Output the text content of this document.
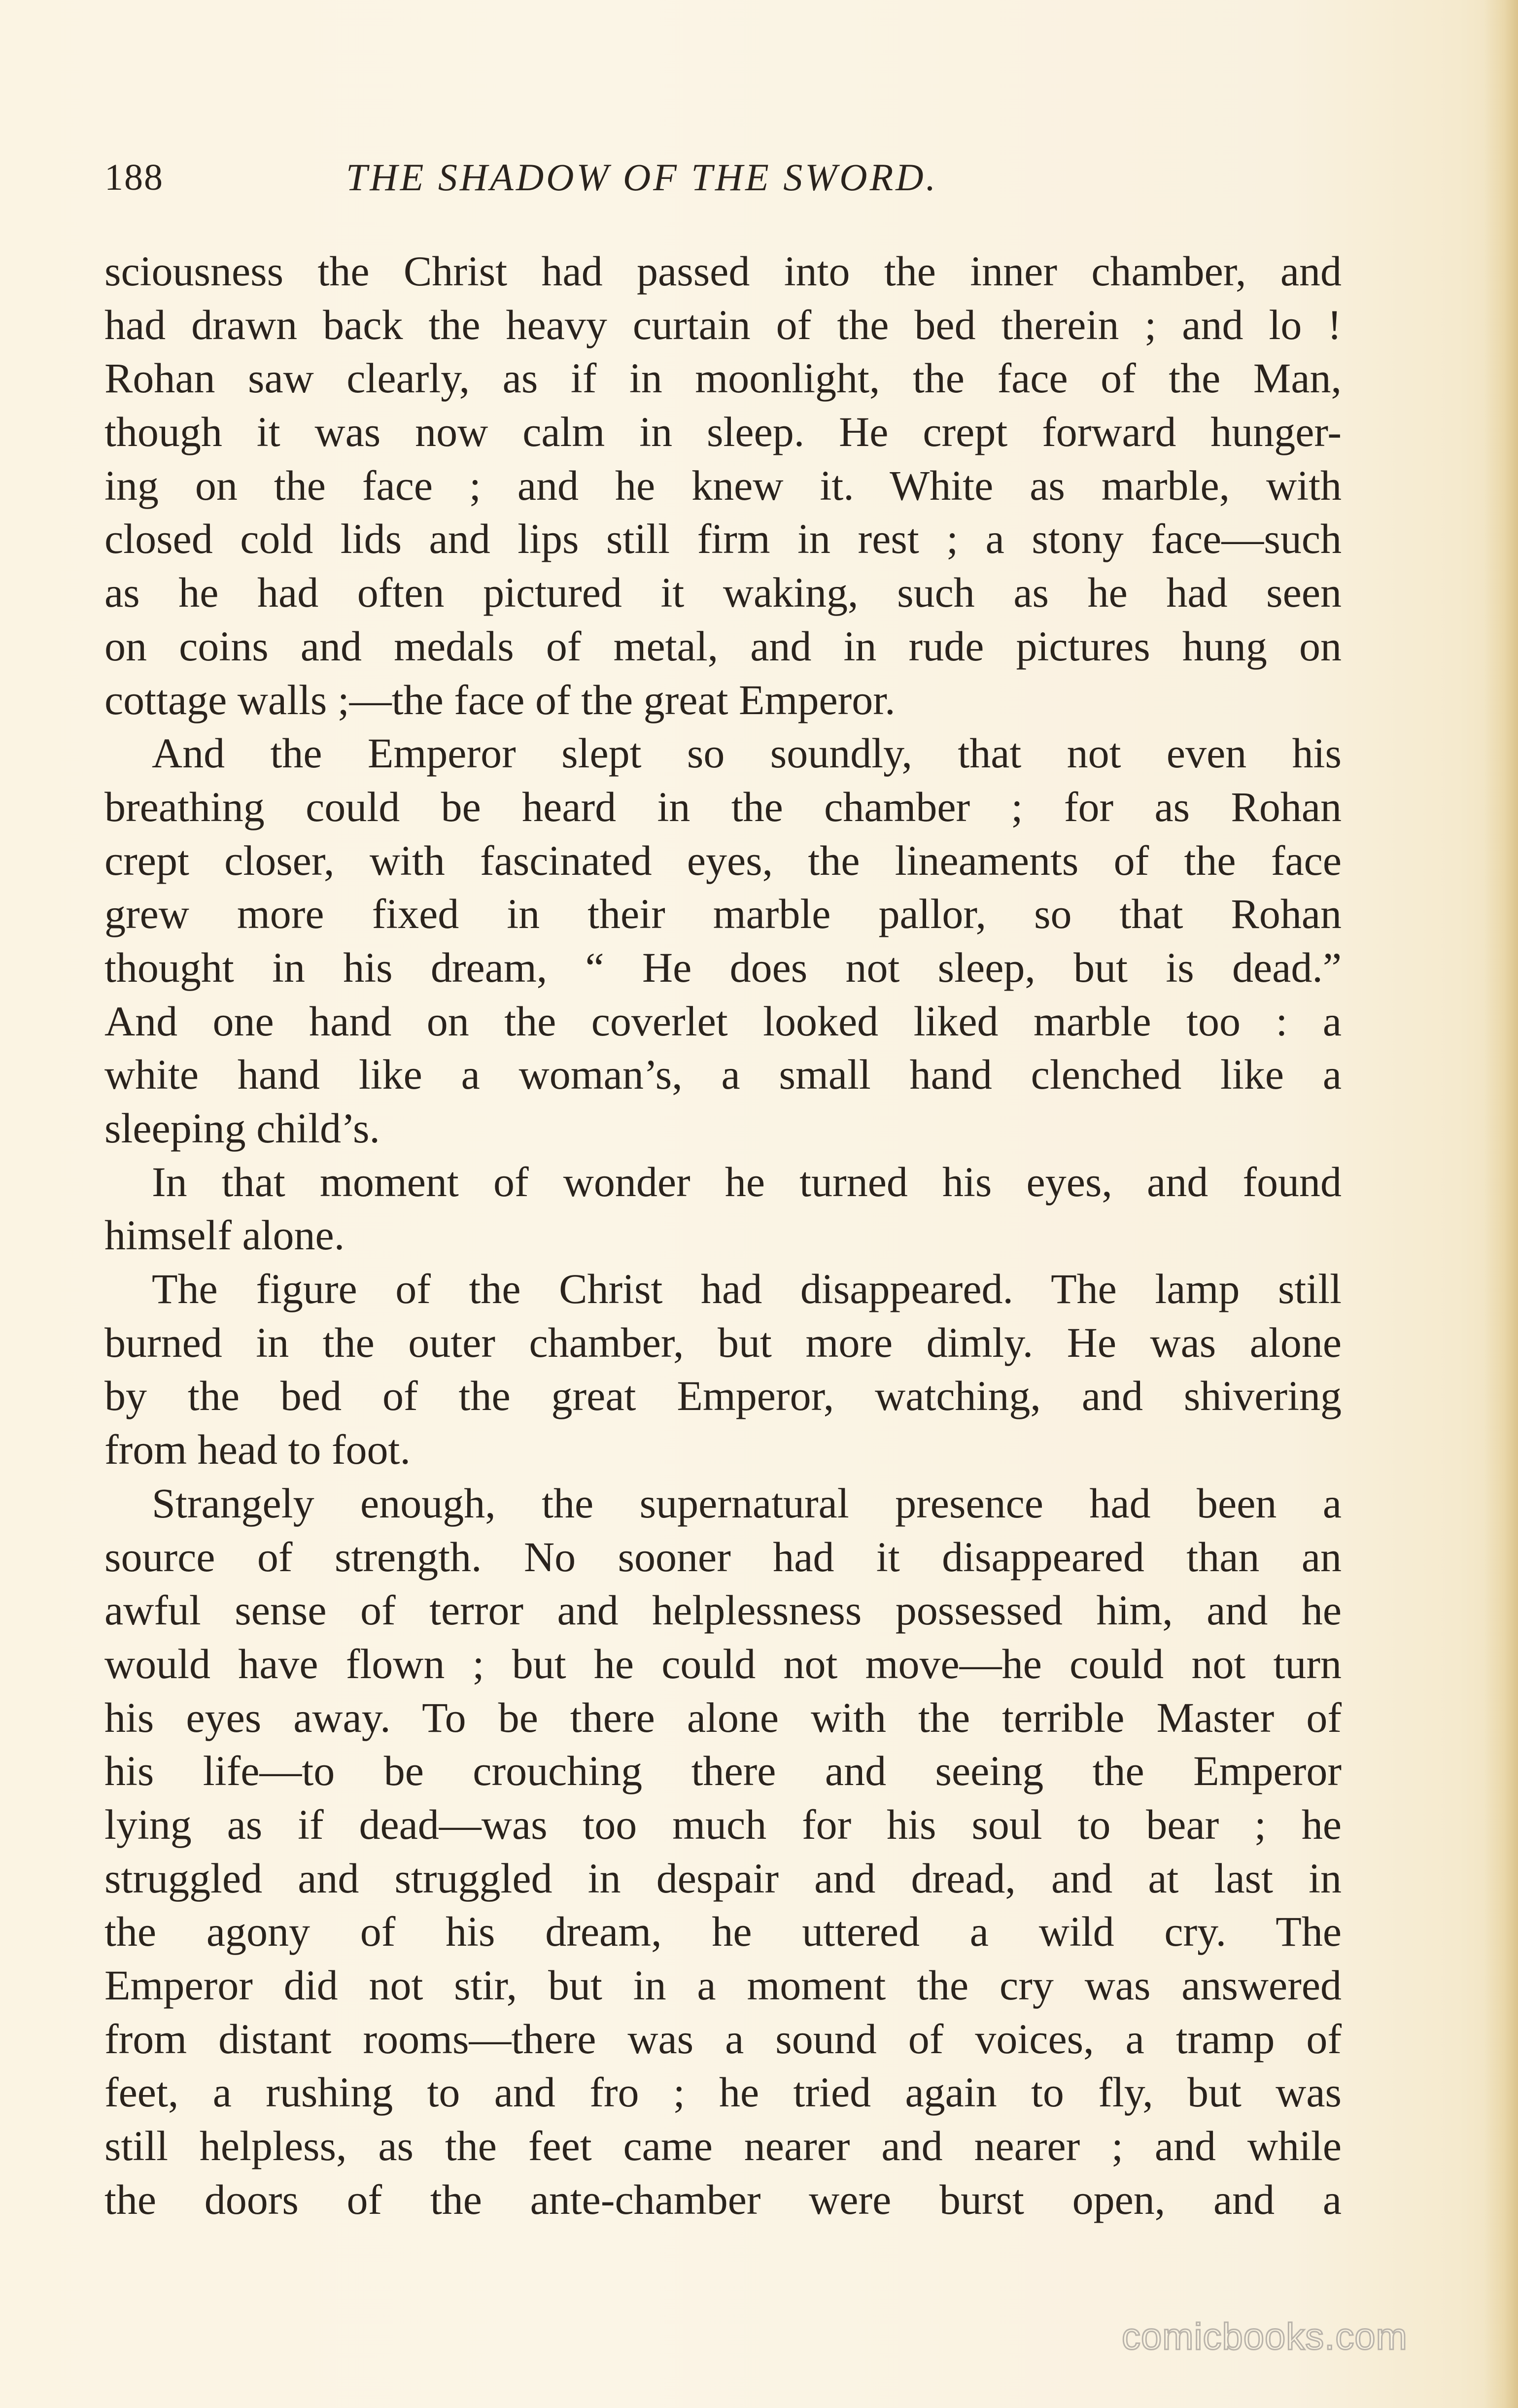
188	THE SHADOW OF THE SWORD.
sciousness the Christ had passed into the inner chamber, and
had drawn back the heavy curtain of the bed therein ; and lo !
Rohan saw clearly, as if in moonlight, the face of the Man,
though it was now calm in sleep. He crept forward hunger-
ing on the face ; and he knew it. White as marble, with
closed cold lids and lips still firm in rest ; a stony face—such
as he had often pictured it waking, such as he had seen
on coins and medals of metal, and in rude pictures hung on
cottage walls ;—the face of the great Emperor.
And the Emperor slept so soundly, that not even his
breathing could be heard in the chamber ; for as Rohan
crept closer, with fascinated eyes, the lineaments of the face
grew more fixed in their marble pallor, so that Rohan
thought in his dream, “ He does not sleep, but is dead.”
And one hand on the coverlet looked liked marble too : a
white hand like a woman’s, a small hand clenched like a
sleeping child’s.
In that moment of wonder he turned his eyes, and found
himself alone.
The figure of the Christ had disappeared. The lamp still
burned in the outer chamber, but more dimly. He was alone
by the bed of the great Emperor, watching, and shivering
from head to foot.
Strangely enough, the supernatural presence had been a
source of strength. No sooner had it disappeared than an
awful sense of terror and helplessness possessed him, and he
would have flown ; but he could not move—he could not turn
his eyes away. To be there alone with the terrible Master of
his life—to be crouching there and seeing the Emperor
lying as if dead—was too much for his soul to bear ; he
struggled and struggled in despair and dread, and at last in
the agony of his dream, he uttered a wild cry. The
Emperor did not stir, but in a moment the cry was answered
from distant rooms—there was a sound of voices, a tramp of
feet, a rushing to and fro ; he tried again to fly, but was
still helpless, as the feet came nearer and nearer ; and while
the doors of the ante-chamber were burst open, and a
comicbooks.com
